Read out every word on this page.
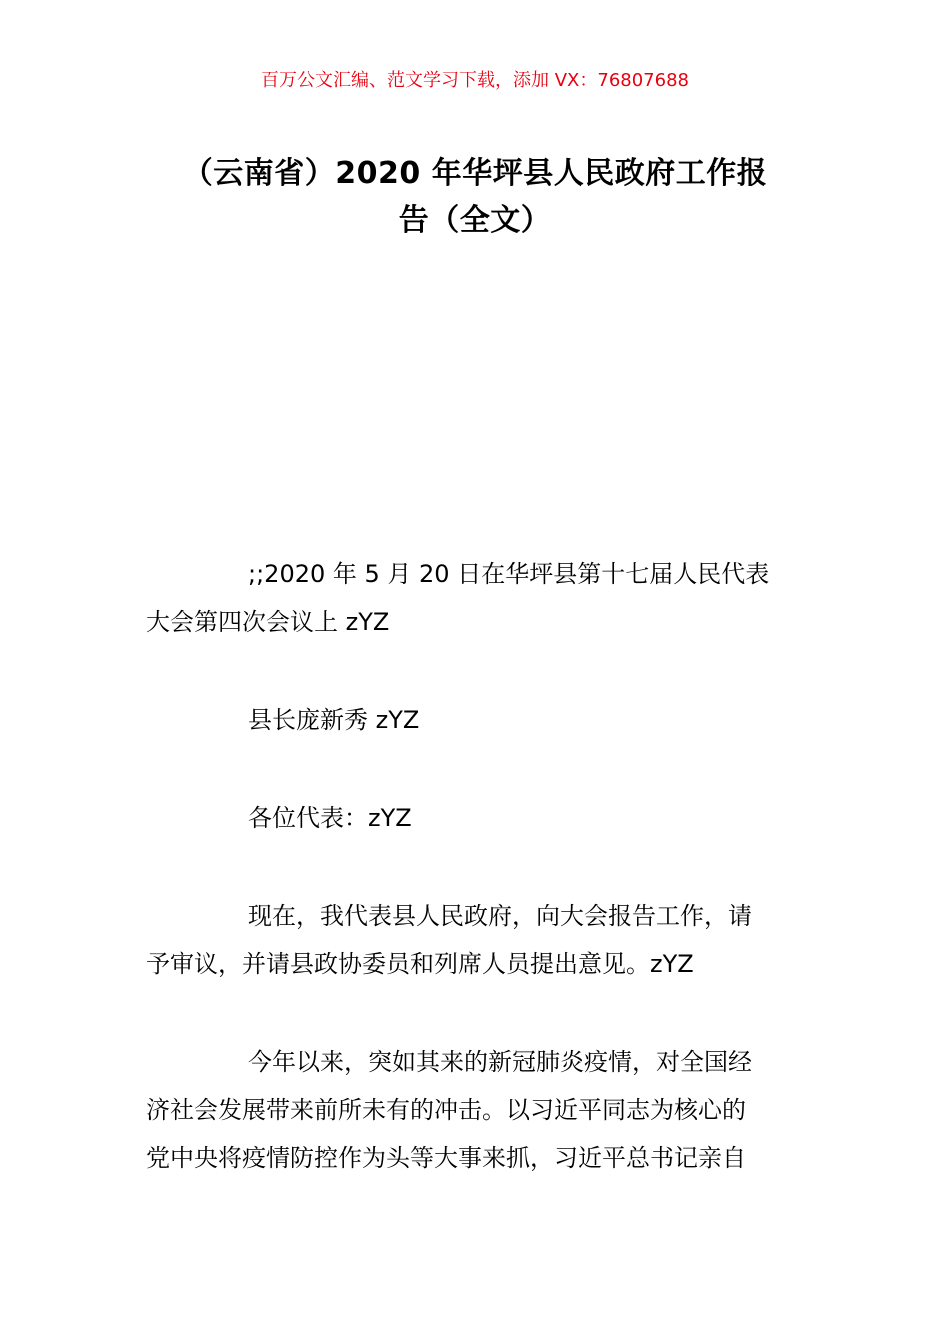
百万公文汇编、范文学习下载，添加 VX：76807688
（云南省）2020 年华坪县人民政府工作报
告（全文）
;;2020 年 5 月 20 日在华坪县第十七届人民代表
大会第四次会议上 zYZ
县长庞新秀 zYZ
各位代表：zYZ
现在，我代表县人民政府，向大会报告工作，请
予审议，并请县政协委员和列席人员提出意见。zYZ
今年以来，突如其来的新冠肺炎疫情，对全国经
济社会发展带来前所未有的冲击。以习近平同志为核心的
党中央将疫情防控作为头等大事来抓，习近平总书记亲自
